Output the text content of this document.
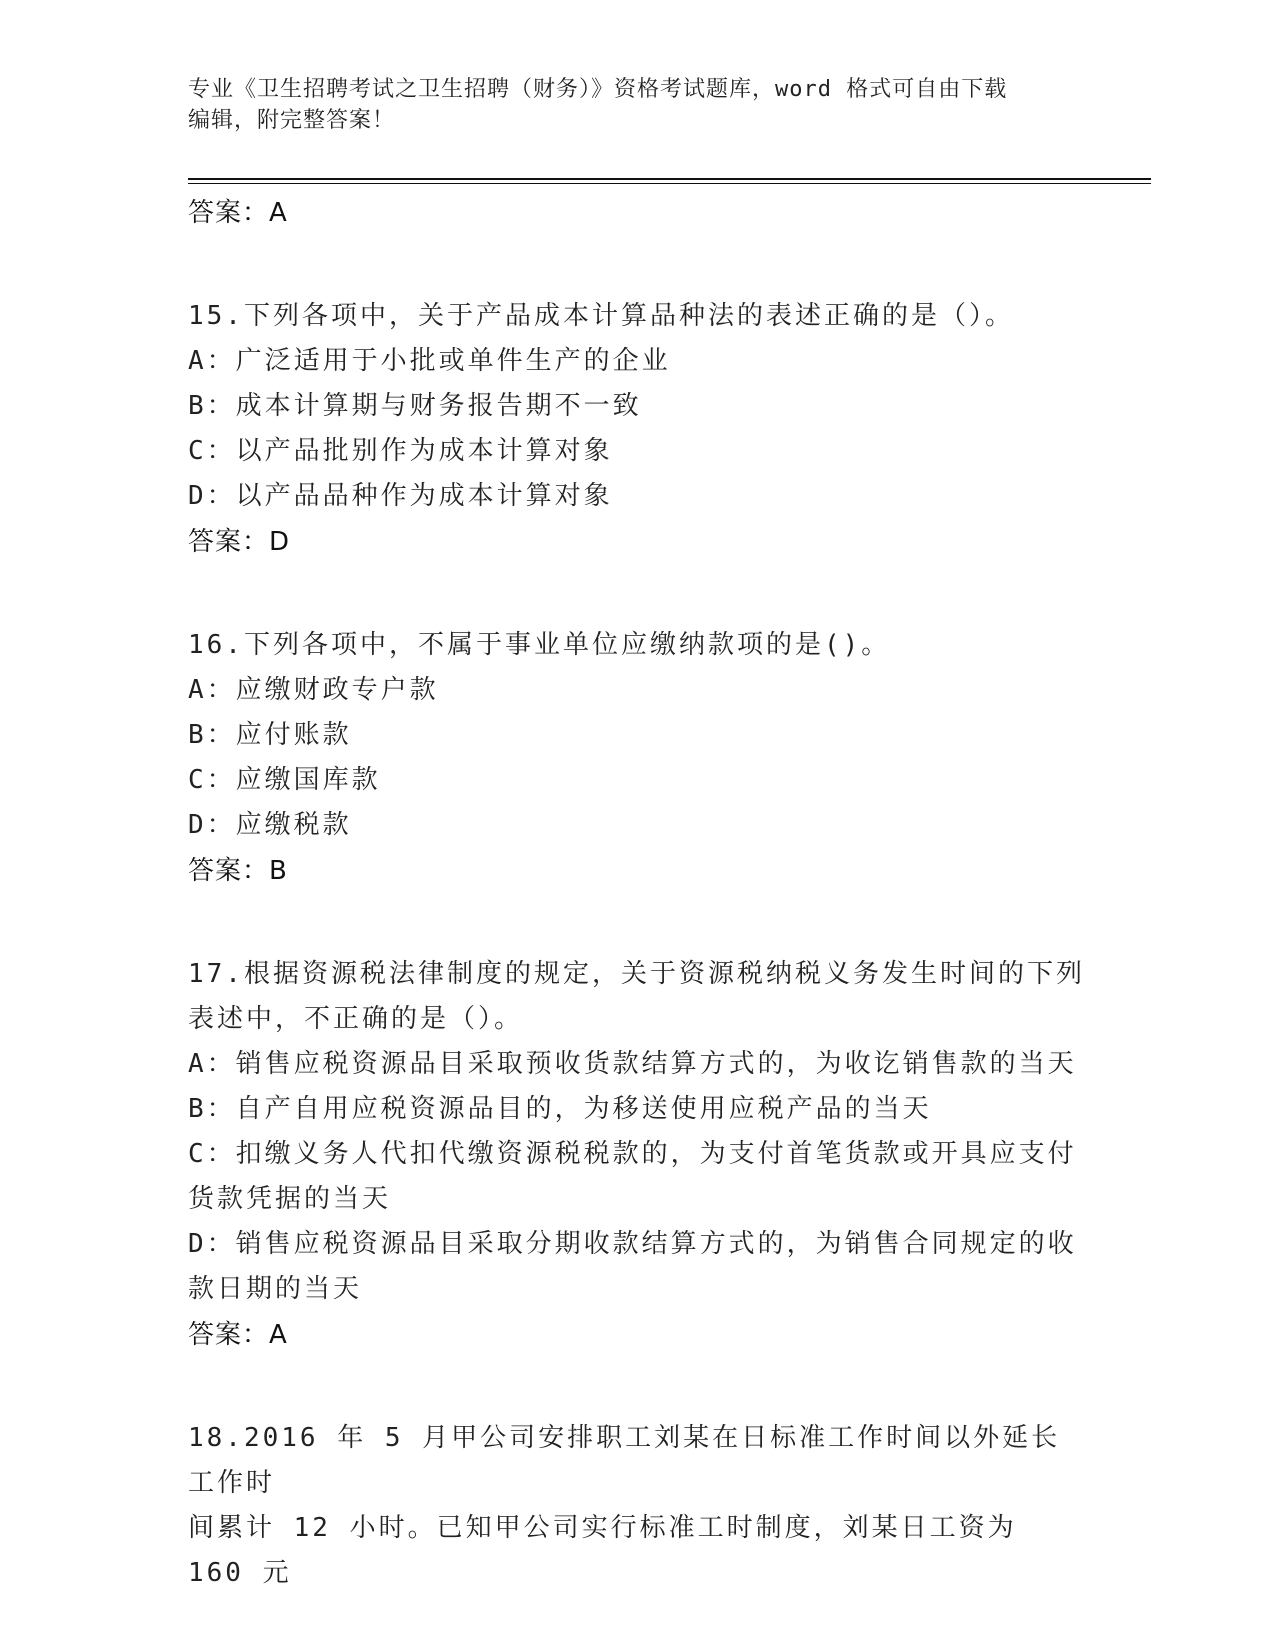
专业《卫生招聘考试之卫生招聘（财务）》资格考试题库，word 格式可自由下载
编辑，附完整答案！

答案：A

15.下列各项中，关于产品成本计算品种法的表述正确的是（）。

A：广泛适用于小批或单件生产的企业

B：成本计算期与财务报告期不一致

C：以产品批别作为成本计算对象

D：以产品品种作为成本计算对象

答案：D

16.下列各项中，不属于事业单位应缴纳款项的是()。

A：应缴财政专户款

B：应付账款

C：应缴国库款

D：应缴税款

答案：B

17.根据资源税法律制度的规定，关于资源税纳税义务发生时间的下列

表述中，不正确的是（）。

A：销售应税资源品目采取预收货款结算方式的，为收讫销售款的当天

B：自产自用应税资源品目的，为移送使用应税产品的当天

C：扣缴义务人代扣代缴资源税税款的，为支付首笔货款或开具应支付

货款凭据的当天

D：销售应税资源品目采取分期收款结算方式的，为销售合同规定的收

款日期的当天

答案：A

18.2016 年 5 月甲公司安排职工刘某在日标准工作时间以外延长工作时

间累计 12 小时。已知甲公司实行标准工时制度，刘某日工资为 160 元
